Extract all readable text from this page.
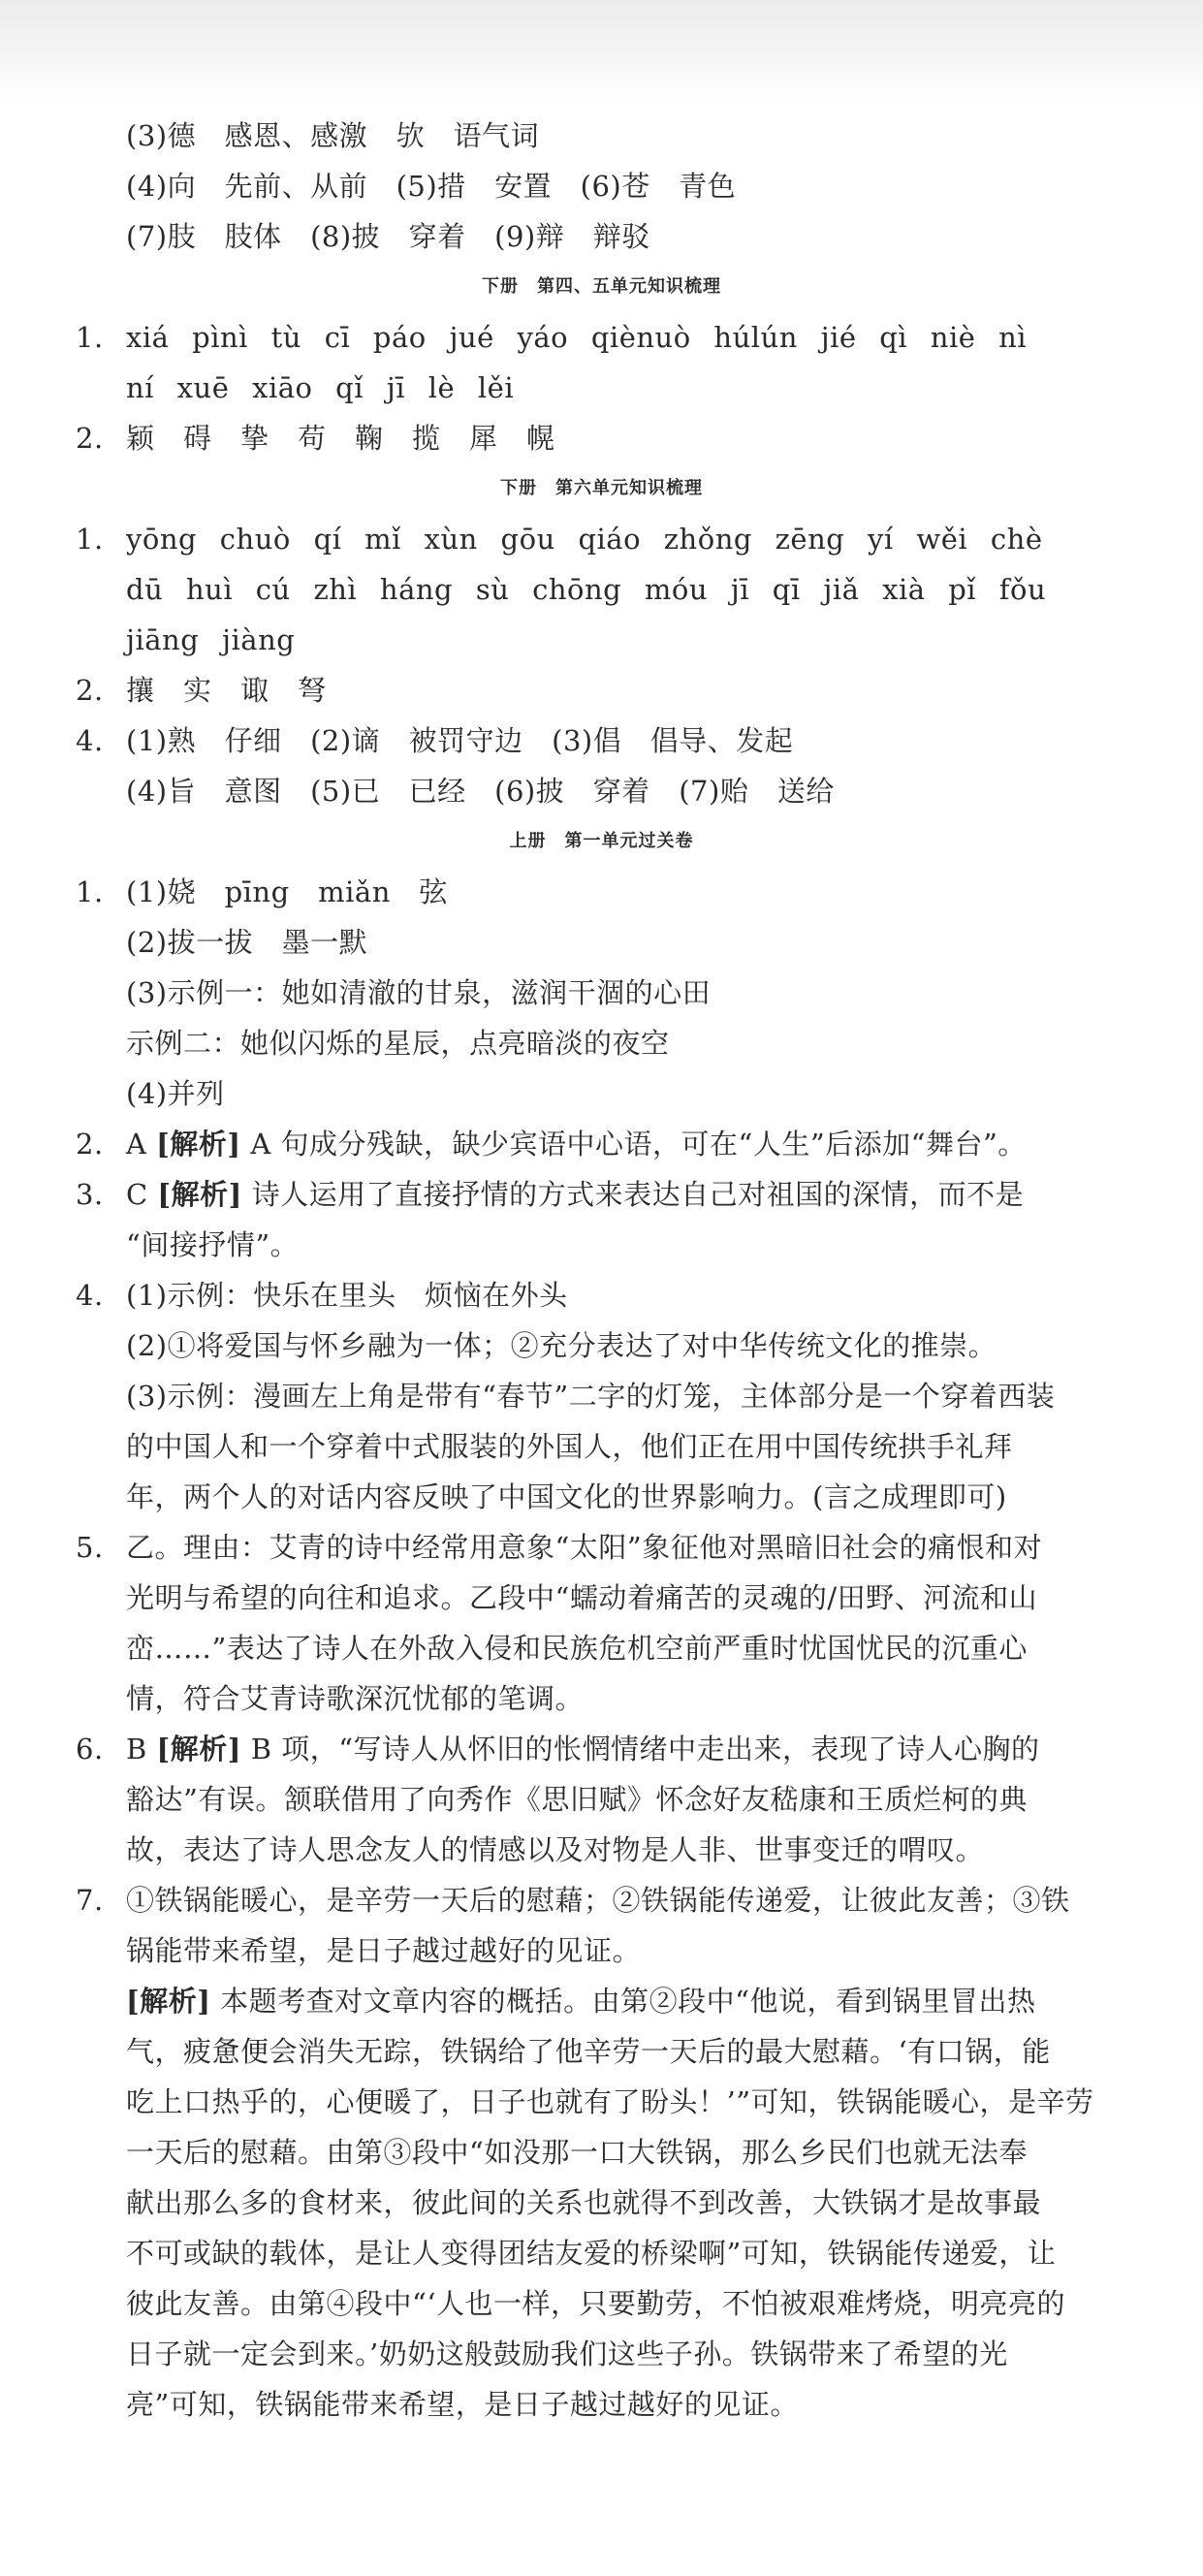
(3)德　感恩、感激　欤　语气词
(4)向　先前、从前　(5)措　安置　(6)苍　青色
(7)肢　肢体　(8)披　穿着　(9)辩　辩驳
下册　第四、五单元知识梳理
1. xiá pìnì tù cī páo jué yáo qiènuò húlún jié qì niè nì
ní xuē xiāo qǐ jī lè lěi
2. 颖　碍　挚　苟　鞠　揽　犀　幌
下册　第六单元知识梳理
1. yōng chuò qí mǐ xùn gōu qiáo zhǒng zēng yí wěi chè
dū huì cú zhì háng sù chōng móu jī qī jiǎ xià pǐ fǒu
jiāng jiàng
2. 攘　实　诹　弩
4. (1)熟　仔细　(2)谪　被罚守边　(3)倡　倡导、发起
(4)旨　意图　(5)已　已经　(6)披　穿着　(7)贻　送给
上册　第一单元过关卷
1. (1)娆　pīng　miǎn　弦
(2)拔一拔　墨一默
(3)示例一：她如清澈的甘泉，滋润干涸的心田
示例二：她似闪烁的星辰，点亮暗淡的夜空
(4)并列
2. A [解析] A 句成分残缺，缺少宾语中心语，可在“人生”后添加“舞台”。
3. C [解析] 诗人运用了直接抒情的方式来表达自己对祖国的深情，而不是
“间接抒情”。
4. (1)示例：快乐在里头　烦恼在外头
(2)①将爱国与怀乡融为一体；②充分表达了对中华传统文化的推崇。
(3)示例：漫画左上角是带有“春节”二字的灯笼，主体部分是一个穿着西装
的中国人和一个穿着中式服装的外国人，他们正在用中国传统拱手礼拜
年，两个人的对话内容反映了中国文化的世界影响力。(言之成理即可)
5. 乙。理由：艾青的诗中经常用意象“太阳”象征他对黑暗旧社会的痛恨和对
光明与希望的向往和追求。乙段中“蠕动着痛苦的灵魂的/田野、河流和山
峦……”表达了诗人在外敌入侵和民族危机空前严重时忧国忧民的沉重心
情，符合艾青诗歌深沉忧郁的笔调。
6. B [解析] B 项，“写诗人从怀旧的怅惘情绪中走出来，表现了诗人心胸的
豁达”有误。颔联借用了向秀作《思旧赋》怀念好友嵇康和王质烂柯的典
故，表达了诗人思念友人的情感以及对物是人非、世事变迁的喟叹。
7. ①铁锅能暖心，是辛劳一天后的慰藉；②铁锅能传递爱，让彼此友善；③铁
锅能带来希望，是日子越过越好的见证。
[解析] 本题考查对文章内容的概括。由第②段中“他说，看到锅里冒出热
气，疲惫便会消失无踪，铁锅给了他辛劳一天后的最大慰藉。‘有口锅，能
吃上口热乎的，心便暖了，日子也就有了盼头！’”可知，铁锅能暖心，是辛劳
一天后的慰藉。由第③段中“如没那一口大铁锅，那么乡民们也就无法奉
献出那么多的食材来，彼此间的关系也就得不到改善，大铁锅才是故事最
不可或缺的载体，是让人变得团结友爱的桥梁啊”可知，铁锅能传递爱，让
彼此友善。由第④段中“‘人也一样，只要勤劳，不怕被艰难烤烧，明亮亮的
日子就一定会到来。’奶奶这般鼓励我们这些子孙。铁锅带来了希望的光
亮”可知，铁锅能带来希望，是日子越过越好的见证。
